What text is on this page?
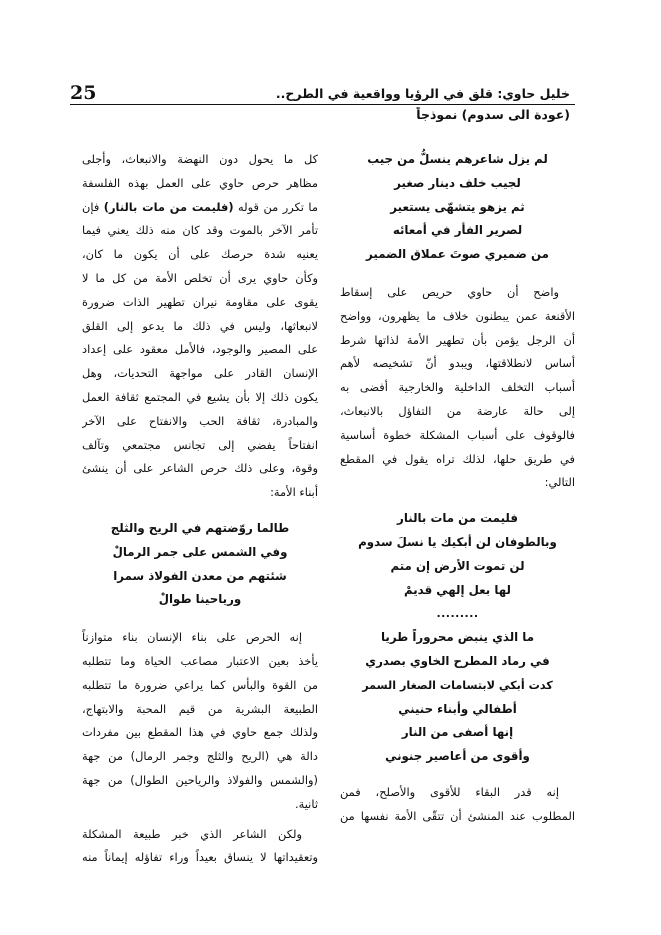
25	خليل حاوي: قلق في الرؤيا وواقعية في الطرح..
(عودة الى سدوم) نموذجاً
لم يزل شاعرهم ينسلُّ من جيب
لجيب خلف دينار صغير
ثم يزهو يتشهّى يستعير
لصرير الفأر في أمعائه
من ضميري صوتَ عملاق الضمير
واضح أن حاوي حريص على إسقاط
الأقنعة عمن يبطنون خلاف ما يظهرون، وواضح
أن الرجل يؤمن بأن تطهير الأمة لذاتها شرط
أساس لانطلاقتها، ويبدو أنّ تشخيصه لأهم
أسباب التخلف الداخلية والخارجية أفضى به
إلى حالة عارضة من التفاؤل بالانبعاث،
فالوقوف على أسباب المشكلة خطوة أساسية
في طريق حلها، لذلك تراه يقول في المقطع
التالي:
فليمت من مات بالنار
وبالطوفان لن أبكيك يا نسلَ سدوم
لن تموت الأرض إن متم
لها بعل إلهي قديمْ
.........
ما الذي ينبض محروراً طريا
في رماد المطرح الخاوي بصدري
كدت أبكي لابتسامات الصغار السمر
أطفالي وأبناء حنيني
إنها أصفى من النار
وأقوى من أعاصير جنوني
إنه قدر البقاء للأقوى والأصلح، فمن
المطلوب عند المنشئ أن تتقّى الأمة نفسها من
كل ما يحول دون النهضة والانبعاث، وأجلى
مظاهر حرص حاوي على العمل بهذه الفلسفة
ما تكرر من قوله (فليمت من مات بالنار) فإن
تأمر الآخر بالموت وقد كان منه ذلك يعني فيما
يعنيه شدة حرصك على أن يكون ما كان،
وكأن حاوي يرى أن تخلص الأمة من كل ما لا
يقوى على مقاومة نيران تطهير الذات ضرورة
لانبعاثها، وليس في ذلك ما يدعو إلى القلق
على المصير والوجود، فالأمل معقود على إعداد
الإنسان القادر على مواجهة التحديات، وهل
يكون ذلك إلا بأن يشيع في المجتمع ثقافة العمل
والمبادرة، ثقافة الحب والانفتاح على الآخر
انفتاحاً يفضي إلى تجانس مجتمعي وتآلف
وقوة، وعلى ذلك حرص الشاعر على أن ينشئ
أبناء الأمة:
طالما روّضتهم في الريح والثلج
وفي الشمس على جمر الرمالْ
شئتهم من معدن الفولاذ سمرا
ورياحينا طوالْ
إنه الحرص على بناء الإنسان بناء متوازناً
يأخذ بعين الاعتبار مصاعب الحياة وما تتطلبه
من القوة والبأس كما يراعي ضرورة ما تتطلبه
الطبيعة البشرية من قيم المحبة والابتهاج،
ولذلك جمع حاوي في هذا المقطع بين مفردات
دالة هي (الريح والثلج وجمر الرمال) من جهة
(والشمس والفولاذ والرياحين الطوال) من جهة
ثانية.
ولكن الشاعر الذي خبر طبيعة المشكلة
وتعقيداتها لا ينساق بعيداً وراء تفاؤله إيماناً منه
